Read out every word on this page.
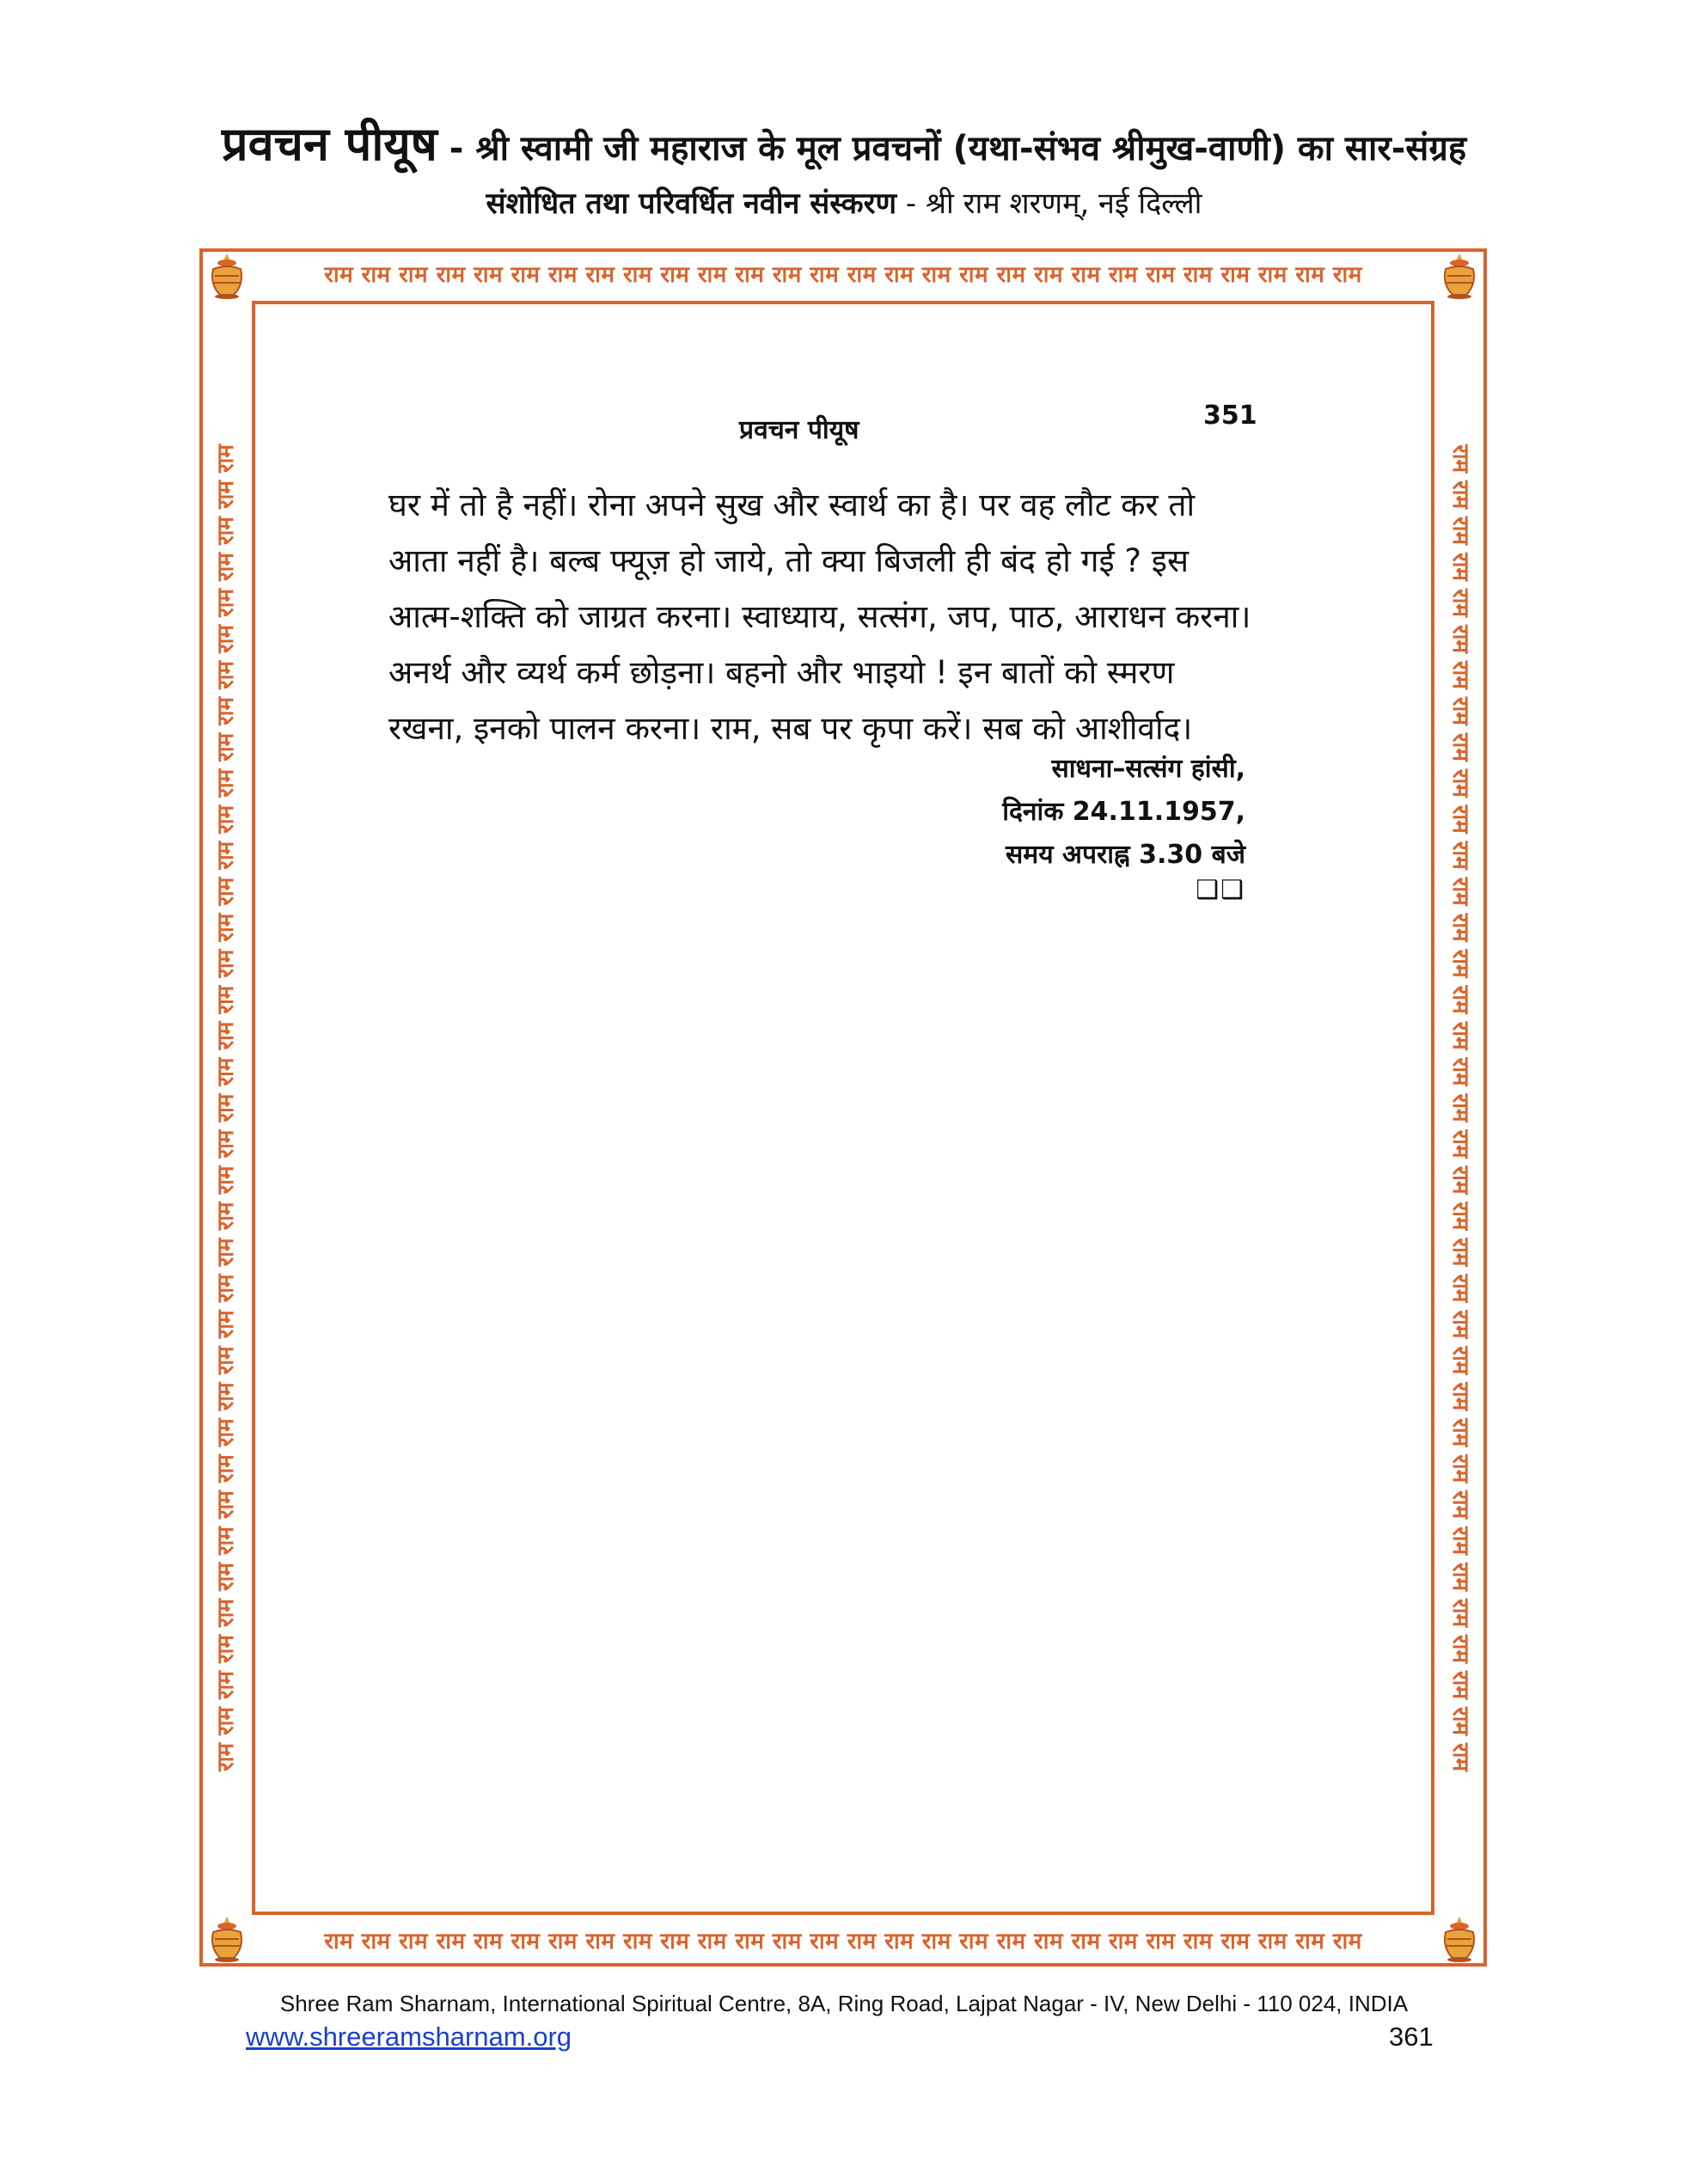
प्रवचन पीयूष - श्री स्वामी जी महाराज के मूल प्रवचनों (यथा-संभव श्रीमुख-वाणी) का सार-संग्रह
संशोधित तथा परिवर्धित नवीन संस्करण - श्री राम शरणम्, नई दिल्ली
राम राम राम राम राम राम राम राम राम राम राम राम राम राम राम राम राम राम राम राम राम राम राम राम राम राम राम राम
राम राम राम राम राम राम राम राम राम राम राम राम राम राम राम राम राम राम राम राम राम राम राम राम राम राम राम राम
राम राम राम राम राम राम राम राम राम राम राम राम राम राम राम राम राम राम राम राम राम राम राम राम राम राम राम राम राम राम राम राम राम राम राम राम राम	राम राम राम राम राम राम राम राम राम राम राम राम राम राम राम राम राम राम राम राम राम राम राम राम राम राम राम राम राम राम राम राम राम राम राम राम राम
प्रवचन पीयूष	351

घर में तो है नहीं। रोना अपने सुख और स्वार्थ का है। पर वह लौट कर तो

आता नहीं है। बल्ब फ्यूज़ हो जाये, तो क्या बिजली ही बंद हो गई ? इस

आत्म-शक्ति को जाग्रत करना। स्वाध्याय, सत्संग, जप, पाठ, आराधन करना।

अनर्थ और व्यर्थ कर्म छोड़ना। बहनो और भाइयो ! इन बातों को स्मरण

रखना, इनको पालन करना। राम, सब पर कृपा करें। सब को आशीर्वाद।

साधना–सत्संग हांसी,
दिनांक 24.11.1957,
समय अपराह्न 3.30 बजे
❑❑
Shree Ram Sharnam, International Spiritual Centre, 8A, Ring Road, Lajpat Nagar - IV, New Delhi - 110 024, INDIA
www.shreeramsharnam.org	361
